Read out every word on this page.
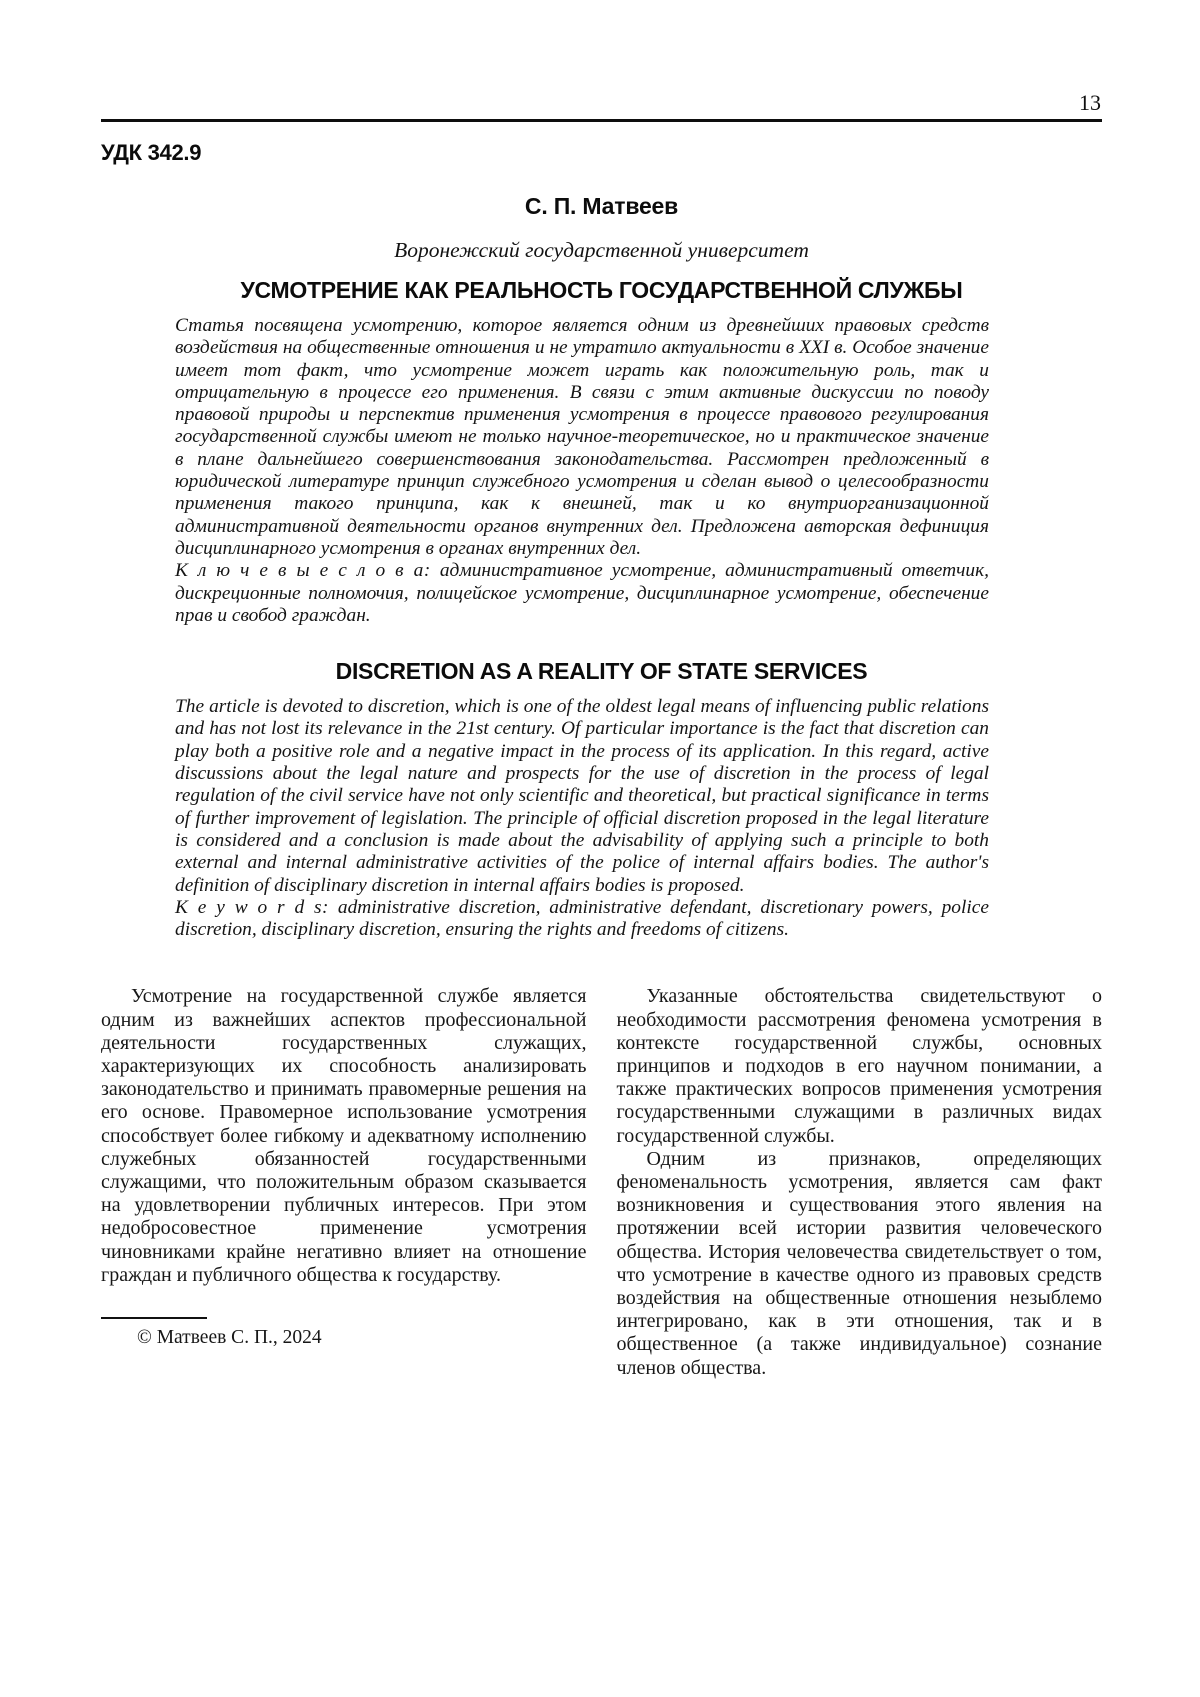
13
УДК 342.9
С. П. Матвеев
Воронежский государственной университет
УСМОТРЕНИЕ КАК РЕАЛЬНОСТЬ ГОСУДАРСТВЕННОЙ СЛУЖБЫ

Статья посвящена усмотрению, которое является одним из древнейших правовых средств воздействия на общественные отношения и не утратило актуальности в XXI в. Особое значение имеет тот факт, что усмотрение может играть как положительную роль, так и отрицательную в процессе его применения. В связи с этим активные дискуссии по поводу правовой природы и перспектив применения усмотрения в процессе правового регулирования государственной службы имеют не только научное-теоретическое, но и практическое значение в плане дальнейшего совершенствования законодательства. Рассмотрен предложенный в юридической литературе принцип служебного усмотрения и сделан вывод о целесообразности применения такого принципа, как к внешней, так и ко внутриорганизационной административной деятельности органов внутренних дел. Предложена авторская дефиниция дисциплинарного усмотрения в органах внутренних дел.

К л ю ч е в ы е с л о в а: административное усмотрение, административный ответчик, дискреционные полномочия, полицейское усмотрение, дисциплинарное усмотрение, обеспечение прав и свобод граждан.

DISCRETION AS A REALITY OF STATE SERVICES

The article is devoted to discretion, which is one of the oldest legal means of influencing public relations and has not lost its relevance in the 21st century. Of particular importance is the fact that discretion can play both a positive role and a negative impact in the process of its application. In this regard, active discussions about the legal nature and prospects for the use of discretion in the process of legal regulation of the civil service have not only scientific and theoretical, but practical significance in terms of further improvement of legislation. The principle of official discretion proposed in the legal literature is considered and a conclusion is made about the advisability of applying such a principle to both external and internal administrative activities of the police of internal affairs bodies. The author's definition of disciplinary discretion in internal affairs bodies is proposed.

K e y w o r d s: administrative discretion, administrative defendant, discretionary powers, police discretion, disciplinary discretion, ensuring the rights and freedoms of citizens.

Усмотрение на государственной службе является одним из важнейших аспектов профессиональной деятельности государственных служащих, характеризующих их способность анализировать законодательство и принимать правомерные решения на его основе. Правомерное использование усмотрения способствует более гибкому и адекватному исполнению служебных обязанностей государственными служащими, что положительным образом сказывается на удовлетворении публичных интересов. При этом недобросовестное применение усмотрения чиновниками крайне негативно влияет на отношение граждан и публичного общества к государству.

© Матвеев С. П., 2024

Указанные обстоятельства свидетельствуют о необходимости рассмотрения феномена усмотрения в контексте государственной службы, основных принципов и подходов в его научном понимании, а также практических вопросов применения усмотрения государственными служащими в различных видах государственной службы.

Одним из признаков, определяющих феноменальность усмотрения, является сам факт возникновения и существования этого явления на протяжении всей истории развития человеческого общества. История человечества свидетельствует о том, что усмотрение в качестве одного из правовых средств воздействия на общественные отношения незыблемо интегрировано, как в эти отношения, так и в общественное (а также индивидуальное) сознание членов общества.
